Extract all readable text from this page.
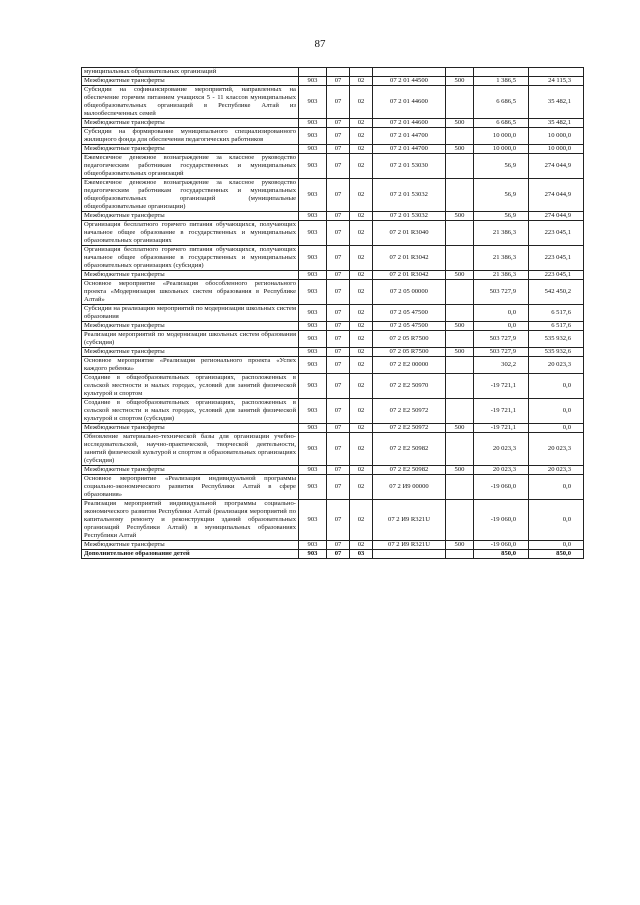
87
муниципальных образовательных организаций							
Межбюджетные трансферты	903	07	02	07 2 01 44500	500	1 386,5	24 115,3
Субсидии на софинансирование мероприятий, направленных на обеспечение горячим питанием учащихся 5 - 11 классов муниципальных общеобразовательных организаций в Республике Алтай из малообеспеченных семей	903	07	02	07 2 01 44600		6 686,5	35 482,1
Межбюджетные трансферты	903	07	02	07 2 01 44600	500	6 686,5	35 482,1
Субсидии на формирование муниципального специализированного жилищного фонда для обеспечения педагогических работников	903	07	02	07 2 01 44700		10 000,0	10 000,0
Межбюджетные трансферты	903	07	02	07 2 01 44700	500	10 000,0	10 000,0
Ежемесячное денежное вознаграждение за классное руководство педагогическим работникам государственных и муниципальных общеобразовательных организаций	903	07	02	07 2 01 53030		56,9	274 044,9
Ежемесячное денежное вознаграждение за классное руководство педагогическим работникам государственных и муниципальных общеобразовательных организаций (муниципальные общеобразовательные организации)	903	07	02	07 2 01 53032		56,9	274 044,9
Межбюджетные трансферты	903	07	02	07 2 01 53032	500	56,9	274 044,9
Организация бесплатного горячего питания обучающихся, получающих начальное общее образование в государственных и муниципальных образовательных организациях	903	07	02	07 2 01 R3040		21 386,3	223 045,1
Организация бесплатного горячего питания обучающихся, получающих начальное общее образование в государственных и муниципальных образовательных организациях (субсидия)	903	07	02	07 2 01 R3042		21 386,3	223 045,1
Межбюджетные трансферты	903	07	02	07 2 01 R3042	500	21 386,3	223 045,1
Основное мероприятие «Реализация обособленного регионального проекта «Модернизация школьных систем образования в Республике Алтай»	903	07	02	07 2 05 00000		503 727,9	542 450,2
Субсидии на реализацию мероприятий по модернизации школьных систем образования	903	07	02	07 2 05 47500		0,0	6 517,6
Межбюджетные трансферты	903	07	02	07 2 05 47500	500	0,0	6 517,6
Реализация мероприятий по модернизации школьных систем образования (субсидия)	903	07	02	07 2 05 R7500		503 727,9	535 932,6
Межбюджетные трансферты	903	07	02	07 2 05 R7500	500	503 727,9	535 932,6
Основное мероприятие «Реализация регионального проекта «Успех каждого ребенка»	903	07	02	07 2 E2 00000		302,2	20 023,3
Создание в общеобразовательных организациях, расположенных в сельской местности и малых городах, условий для занятий физической культурой и спортом	903	07	02	07 2 E2 50970		-19 721,1	0,0
Создание в общеобразовательных организациях, расположенных в сельской местности и малых городах, условий для занятий физической культурой и спортом (субсидия)	903	07	02	07 2 E2 50972		-19 721,1	0,0
Межбюджетные трансферты	903	07	02	07 2 E2 50972	500	-19 721,1	0,0
Обновление материально-технической базы для организации учебно-исследовательской, научно-практической, творческой деятельности, занятий физической культурой и спортом в образовательных организациях (субсидия)	903	07	02	07 2 E2 50982		20 023,3	20 023,3
Межбюджетные трансферты	903	07	02	07 2 E2 50982	500	20 023,3	20 023,3
Основное мероприятие «Реализация индивидуальной программы социально-экономического развития Республики Алтай в сфере образования»	903	07	02	07 2 И9 00000		-19 060,0	0,0
Реализация мероприятий индивидуальной программы социально-экономического развития Республики Алтай (реализация мероприятий по капитальному ремонту и реконструкции зданий образовательных организаций Республики Алтай) в муниципальных образованиях Республики Алтай	903	07	02	07 2 И9 R321U		-19 060,0	0,0
Межбюджетные трансферты	903	07	02	07 2 И9 R321U	500	-19 060,0	0,0
Дополнительное образование детей	903	07	03			850,0	850,0
